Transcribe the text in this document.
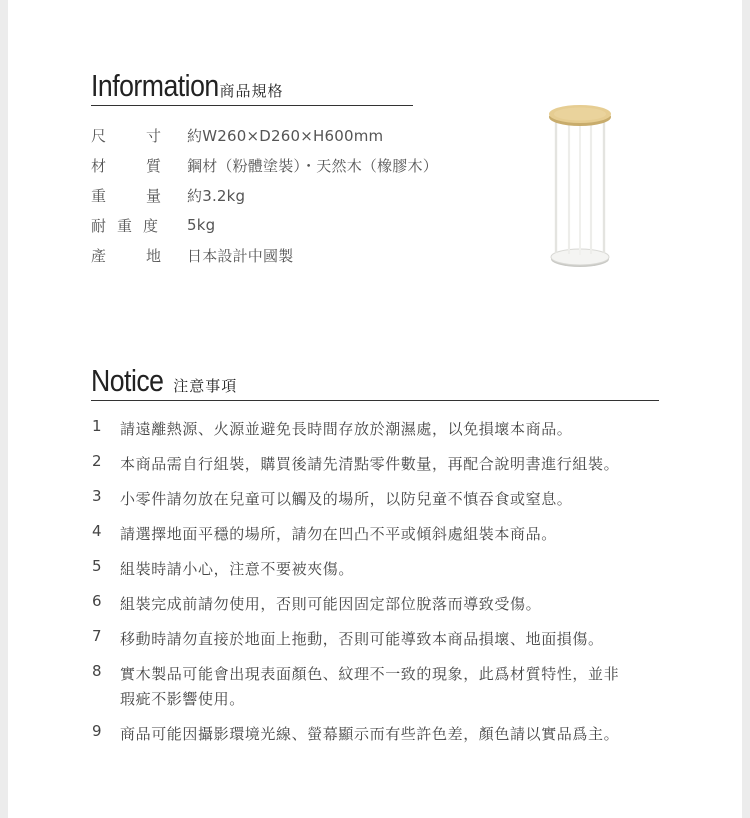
Information 商品規格
尺	寸 約W260×D260×H600mm
材	質 鋼材（粉體塗裝）・天然木（橡膠木）
重	量 約3.2kg
耐 重 度 5kg
產	地 日本設計中國製
Notice 注意事項
1	請遠離熱源、火源並避免長時間存放於潮濕處，以免損壞本商品。
2	本商品需自行組裝，購買後請先清點零件數量，再配合說明書進行組裝。
3	小零件請勿放在兒童可以觸及的場所，以防兒童不慎吞食或窒息。
4	請選擇地面平穩的場所，請勿在凹凸不平或傾斜處組裝本商品。
5	組裝時請小心，注意不要被夾傷。
6	組裝完成前請勿使用，否則可能因固定部位脫落而導致受傷。
7	移動時請勿直接於地面上拖動，否則可能導致本商品損壞、地面損傷。
8	實木製品可能會出現表面顏色、紋理不一致的現象，此爲材質特性，並非
瑕疵不影響使用。
9	商品可能因攝影環境光線、螢幕顯示而有些許色差，顏色請以實品爲主。
